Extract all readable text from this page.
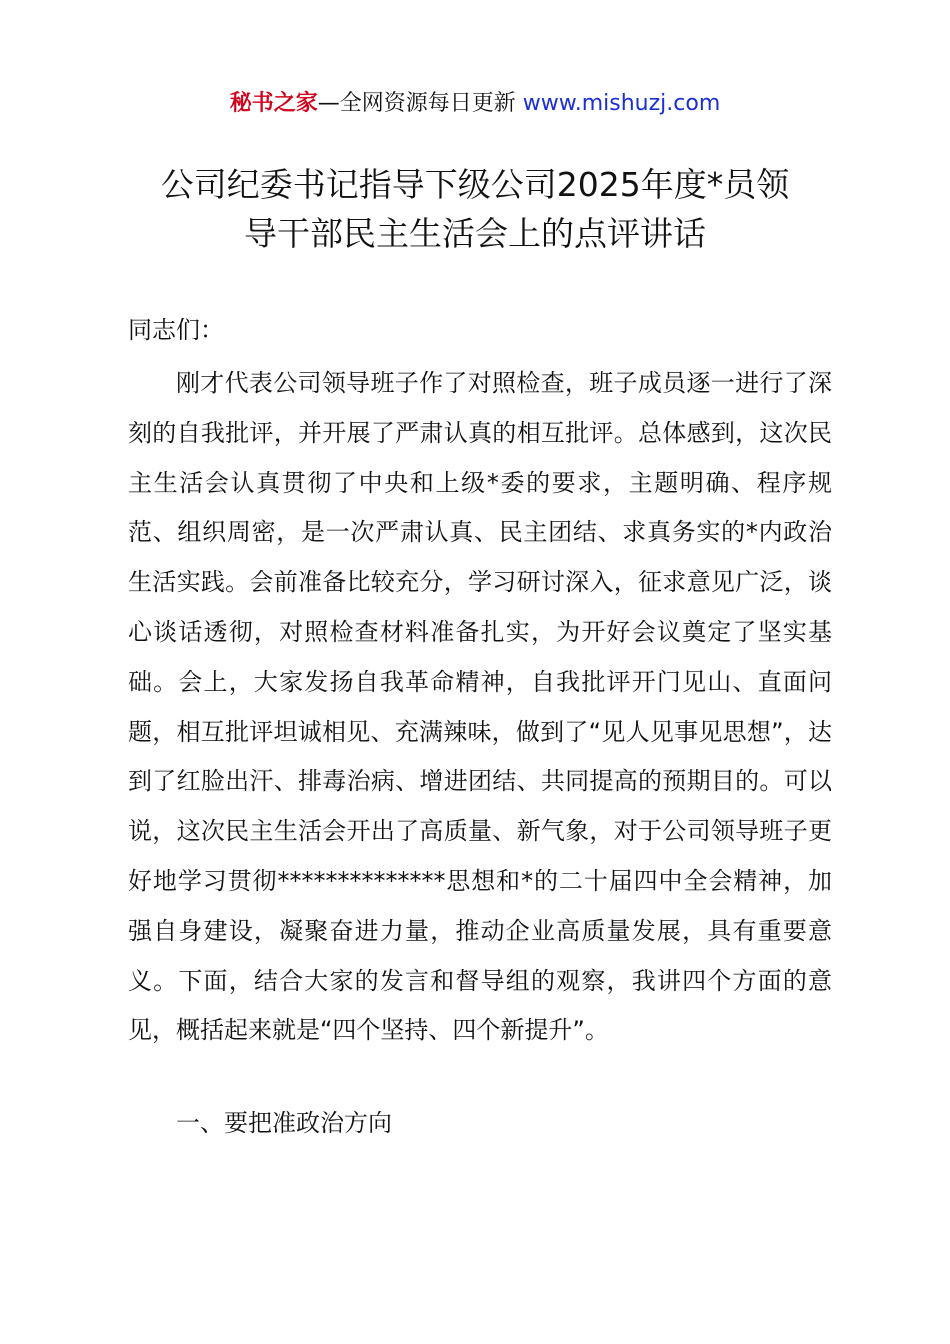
秘书之家—全网资源每日更新 www.mishuzj.com
公司纪委书记指导下级公司2025年度*员领
导干部民主生活会上的点评讲话
同志们：

刚才代表公司领导班子作了对照检查，班子成员逐一进行了深刻的自我批评，并开展了严肃认真的相互批评。总体感到，这次民主生活会认真贯彻了中央和上级*委的要求，主题明确、程序规范、组织周密，是一次严肃认真、民主团结、求真务实的*内政治生活实践。会前准备比较充分，学习研讨深入，征求意见广泛，谈心谈话透彻，对照检查材料准备扎实，为开好会议奠定了坚实基础。会上，大家发扬自我革命精神，自我批评开门见山、直面问题，相互批评坦诚相见、充满辣味，做到了“见人见事见思想”，达到了红脸出汗、排毒治病、增进团结、共同提高的预期目的。可以说，这次民主生活会开出了高质量、新气象，对于公司领导班子更好地学习贯彻**************思想和*的二十届四中全会精神，加强自身建设，凝聚奋进力量，推动企业高质量发展，具有重要意义。下面，结合大家的发言和督导组的观察，我讲四个方面的意见，概括起来就是“四个坚持、四个新提升”。

一、要把准政治方向
